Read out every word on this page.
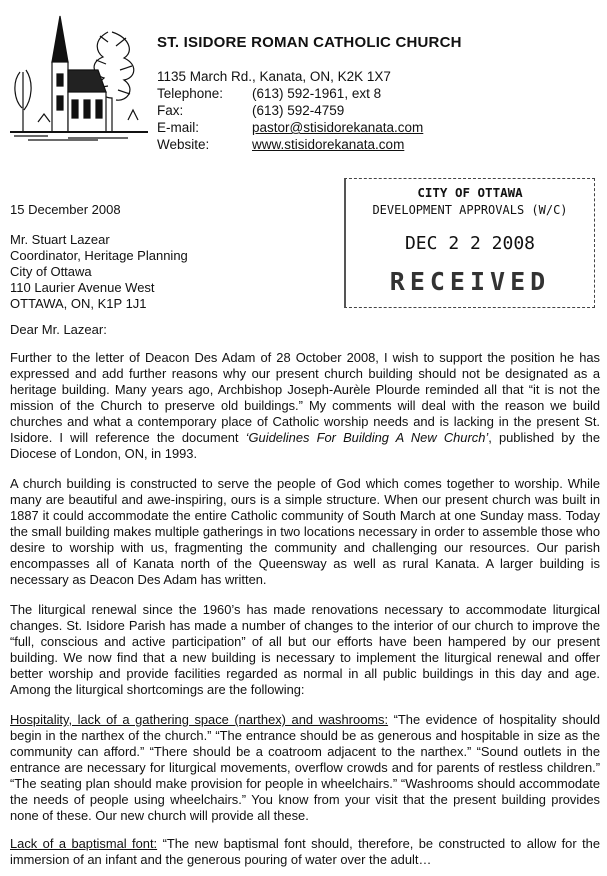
ST. ISIDORE ROMAN CATHOLIC CHURCH
1135 March Rd., Kanata, ON, K2K 1X7
Telephone:	(613) 592-1961, ext 8
Fax:	(613) 592-4759
E-mail:	pastor@stisidorekanata.com
Website:	www.stisidorekanata.com
CITY OF OTTAWA
DEVELOPMENT APPROVALS (W/C)
DEC 2 2 2008
RECEIVED
15 December 2008
Mr. Stuart Lazear
Coordinator, Heritage Planning
City of Ottawa
110 Laurier Avenue West
OTTAWA, ON, K1P 1J1
Dear Mr. Lazear:
Further to the letter of Deacon Des Adam of 28 October 2008, I wish to support the position he has expressed and add further reasons why our present church building should not be designated as a heritage building. Many years ago, Archbishop Joseph-Aurèle Plourde reminded all that “it is not the mission of the Church to preserve old buildings.” My comments will deal with the reason we build churches and what a contemporary place of Catholic worship needs and is lacking in the present St. Isidore. I will reference the document ‘Guidelines For Building A New Church’, published by the Diocese of London, ON, in 1993.
A church building is constructed to serve the people of God which comes together to worship. While many are beautiful and awe-inspiring, ours is a simple structure. When our present church was built in 1887 it could accommodate the entire Catholic community of South March at one Sunday mass. Today the small building makes multiple gatherings in two locations necessary in order to assemble those who desire to worship with us, fragmenting the community and challenging our resources. Our parish encompasses all of Kanata north of the Queensway as well as rural Kanata. A larger building is necessary as Deacon Des Adam has written.
The liturgical renewal since the 1960’s has made renovations necessary to accommodate liturgical changes. St. Isidore Parish has made a number of changes to the interior of our church to improve the “full, conscious and active participation” of all but our efforts have been hampered by our present building. We now find that a new building is necessary to implement the liturgical renewal and offer better worship and provide facilities regarded as normal in all public buildings in this day and age. Among the liturgical shortcomings are the following:
Hospitality, lack of a gathering space (narthex) and washrooms: “The evidence of hospitality should begin in the narthex of the church.” “The entrance should be as generous and hospitable in size as the community can afford.” “There should be a coatroom adjacent to the narthex.” “Sound outlets in the entrance are necessary for liturgical movements, overflow crowds and for parents of restless children.” “The seating plan should make provision for people in wheelchairs.” “Washrooms should accommodate the needs of people using wheelchairs.” You know from your visit that the present building provides none of these. Our new church will provide all these.
Lack of a baptismal font: “The new baptismal font should, therefore, be constructed to allow for the immersion of an infant and the generous pouring of water over the adult…
